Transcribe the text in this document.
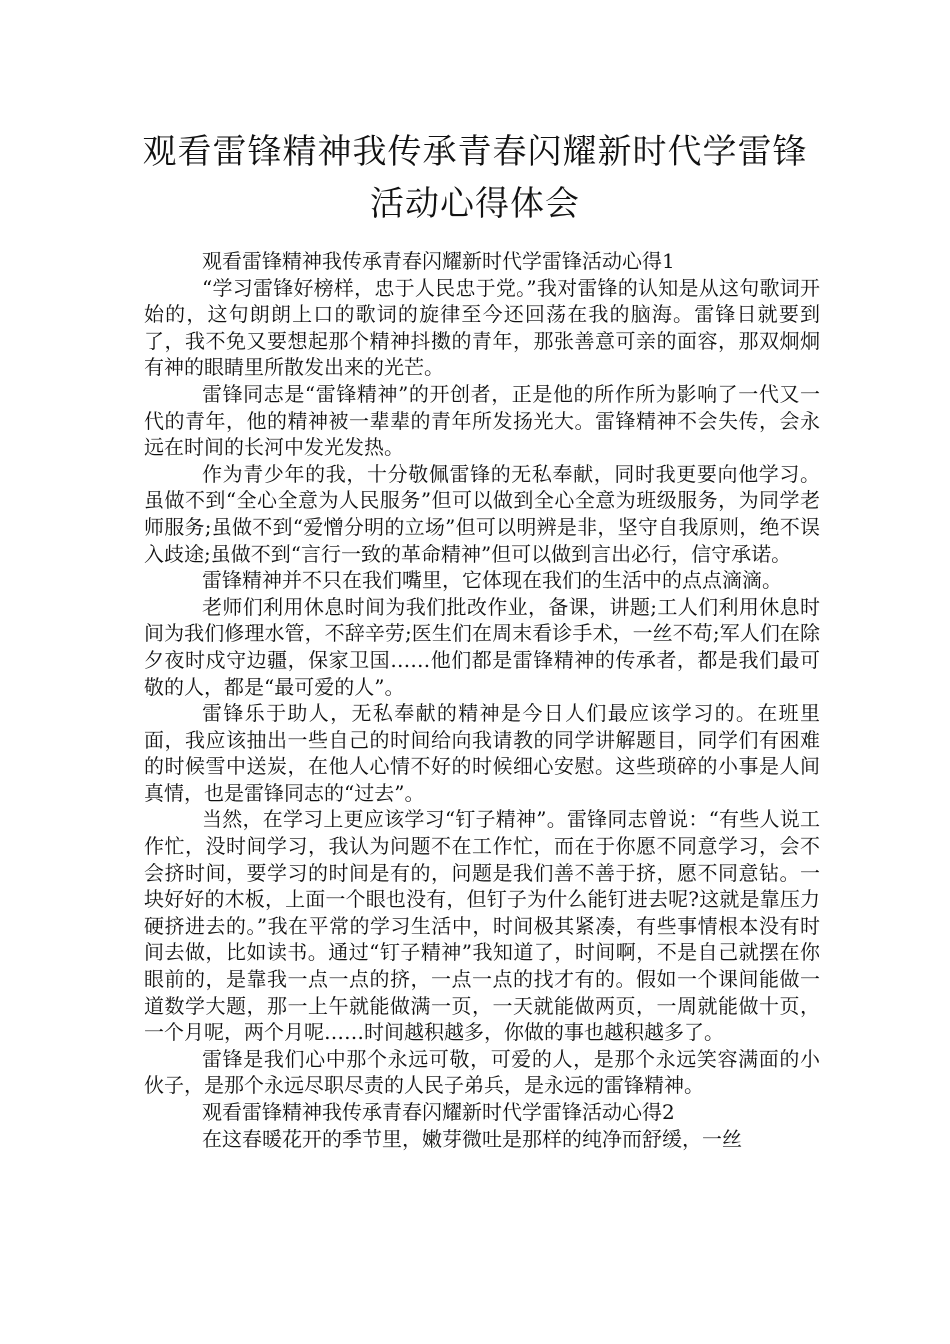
观看雷锋精神我传承青春闪耀新时代学雷锋活动心得体会

观看雷锋精神我传承青春闪耀新时代学雷锋活动心得1

“学习雷锋好榜样，忠于人民忠于党。”我对雷锋的认知是从这句歌词开始的，这句朗朗上口的歌词的旋律至今还回荡在我的脑海。雷锋日就要到了，我不免又要想起那个精神抖擞的青年，那张善意可亲的面容，那双炯炯有神的眼睛里所散发出来的光芒。

雷锋同志是“雷锋精神”的开创者，正是他的所作所为影响了一代又一代的青年，他的精神被一辈辈的青年所发扬光大。雷锋精神不会失传，会永远在时间的长河中发光发热。

作为青少年的我，十分敬佩雷锋的无私奉献，同时我更要向他学习。虽做不到“全心全意为人民服务”但可以做到全心全意为班级服务，为同学老师服务;虽做不到“爱憎分明的立场”但可以明辨是非，坚守自我原则，绝不误入歧途;虽做不到“言行一致的革命精神”但可以做到言出必行，信守承诺。

雷锋精神并不只在我们嘴里，它体现在我们的生活中的点点滴滴。

老师们利用休息时间为我们批改作业，备课，讲题;工人们利用休息时间为我们修理水管，不辞辛劳;医生们在周末看诊手术，一丝不苟;军人们在除夕夜时戍守边疆，保家卫国……他们都是雷锋精神的传承者，都是我们最可敬的人，都是“最可爱的人”。

雷锋乐于助人，无私奉献的精神是今日人们最应该学习的。在班里面，我应该抽出一些自己的时间给向我请教的同学讲解题目，同学们有困难的时候雪中送炭，在他人心情不好的时候细心安慰。这些琐碎的小事是人间真情，也是雷锋同志的“过去”。

当然，在学习上更应该学习“钉子精神”。雷锋同志曾说：“有些人说工作忙，没时间学习，我认为问题不在工作忙，而在于你愿不同意学习，会不会挤时间，要学习的时间是有的，问题是我们善不善于挤，愿不同意钻。一块好好的木板，上面一个眼也没有，但钉子为什么能钉进去呢?这就是靠压力硬挤进去的。”我在平常的学习生活中，时间极其紧凑，有些事情根本没有时间去做，比如读书。通过“钉子精神”我知道了，时间啊，不是自己就摆在你眼前的，是靠我一点一点的挤，一点一点的找才有的。假如一个课间能做一道数学大题，那一上午就能做满一页，一天就能做两页，一周就能做十页，一个月呢，两个月呢……时间越积越多，你做的事也越积越多了。

雷锋是我们心中那个永远可敬，可爱的人，是那个永远笑容满面的小伙子，是那个永远尽职尽责的人民子弟兵，是永远的雷锋精神。

观看雷锋精神我传承青春闪耀新时代学雷锋活动心得2

在这春暖花开的季节里，嫩芽微吐是那样的纯净而舒缓，一丝
